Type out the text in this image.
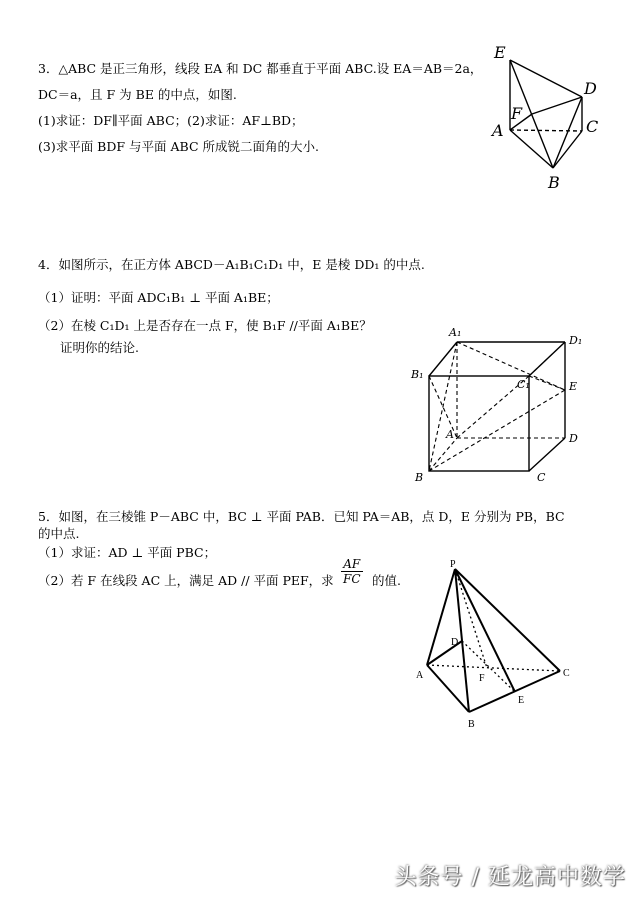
3．△ABC 是正三角形，线段 EA 和 DC 都垂直于平面 ABC.设 EA＝AB＝2a，
DC＝a，且 F 为 BE 的中点，如图.
(1)求证：DF∥平面 ABC；(2)求证：AF⊥BD；
(3)求平面 BDF 与平面 ABC 所成锐二面角的大小.
E
D
F
A	C
B
4．如图所示，在正方体 ABCD－A₁B₁C₁D₁ 中，E 是棱 DD₁ 的中点.
（1）证明：平面 ADC₁B₁ ⊥ 平面 A₁BE；
（2）在棱 C₁D₁ 上是否存在一点 F，使 B₁F //平面 A₁BE？
证明你的结论.
A₁
D₁
B₁
C₁	E
A	D
B	C
5．如图，在三棱锥 P－ABC 中，BC ⊥ 平面 PAB．已知 PA＝AB，点 D，E 分别为 PB，BC
的中点.
（1）求证：AD ⊥ 平面 PBC；
（2）若 F 在线段 AC 上，满足 AD // 平面 PEF，求 $\frac{AF}{FC}$ 的值.
P
D
A	F	C
E
B
头条号 / 延龙高中数学
